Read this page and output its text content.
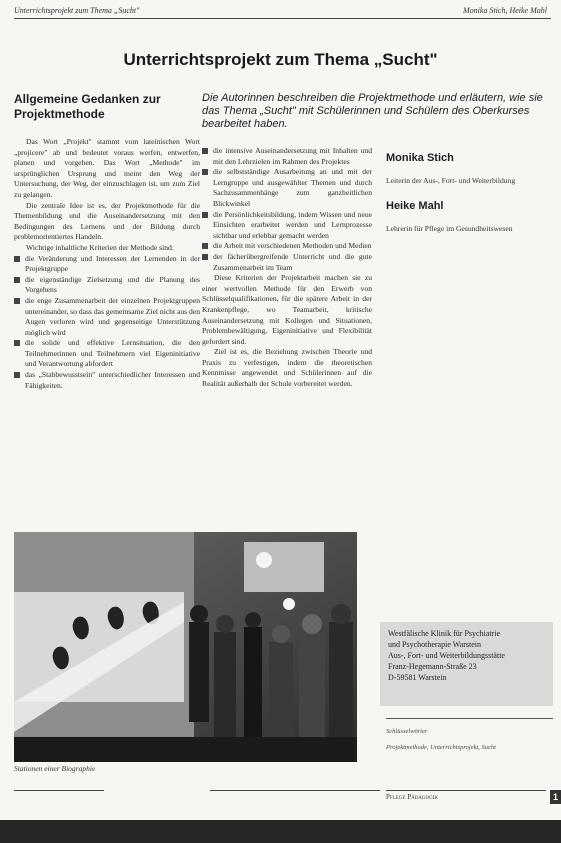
Unterrichtsprojekt zum Thema „Sucht"	Monika Stich, Heike Mahl
Unterrichtsprojekt zum Thema „Sucht"
Allgemeine Gedanken zur Projektmethode
Die Autorinnen beschreiben die Projektmethode und erläutern, wie sie das Thema „Sucht" mit Schülerinnen und Schülern des Oberkurses bearbeitet haben.

Das Wort „Projekt" stammt vom lateinischen Wort „projicere" ab und bedeutet voraus werfen, entwerfen, planen und vorgehen. Das Wort „Methode" im ursprünglichen Ursprung und meint den Weg der Untersuchung, der Weg, der einzuschlagen ist, um zum Ziel zu gelangen.

Die zentrale Idee ist es, der Projektmethode für die Themenbildung und die Auseinandersetzung mit den Bedingungen des Lernens und der Bildung durch problemorientiertes Handeln.

Wichtige inhaltliche Kriterien der Methode sind:

die Veränderung und Interessen der Lernenden in der Projektgruppe
die eigenständige Zielsetzung und die Planung des Vorgehens
die enge Zusammenarbeit der einzelnen Projektgruppen untereinander, so dass das gemeinsame Ziel nicht aus den Augen verloren wird und gegenseitige Unterstützung möglich wird
die solide und effektive Lernsituation, die den Teilnehmerinnen und Teilnehmern viel Eigeninitiative und Verantwortung abfordert
das „Stabbewusstsein" unterschiedlicher Interessen und Fähigkeiten.
die intensive Auseinandersetzung mit Inhalten und mit den Lehrzielen im Rahmen des Projektes
die selbstständige Ausarbeitung an und mit der Lerngruppe und ausgewählter Themen und durch Sachzusammenhänge zum ganzheitlichen Blickwinkel
die Persönlichkeitsbildung, indem Wissen und neue Einsichten erarbeitet werden und Lernprozesse sichtbar und erlebbar gemacht werden
die Arbeit mit verschiedenen Methoden und Medien
der fächerübergreifende Unterricht und die gute Zusammenarbeit im Team

Diese Kriterien der Projektarbeit machen sie zu einer wertvollen Methode für den Erwerb von Schlüsselqualifikationen, für die spätere Arbeit in der Krankenpflege, wo Teamarbeit, kritische Auseinandersetzung mit Kollegen und Situationen, Problembewältigung, Eigeninitiative und Flexibilität gefordert sind.

Ziel ist es, die Beziehung zwischen Theorie und Praxis zu verfestigen, indem die theoretischen Kenntnisse angewendet und Schülerinnen auf die Realität außerhalb der Schule vorbereitet werden.

Monika Stich
Leiterin der Aus-, Fort- und Weiterbildung
Heike Mahl
Lehrerin für Pflege im Gesundheitswesen
Stationen einer Biographie
Westfälische Klinik für Psychiatrie
und Psychotherapie Warstein
Aus-, Fort- und Weiterbildungsstätte
Franz-Hegemann-Straße 23
D-59581 Warstein
Schlüsselwörter
Projektmethode, Unterrichtsprojekt, Sucht
Pflege Pädagogik	1
